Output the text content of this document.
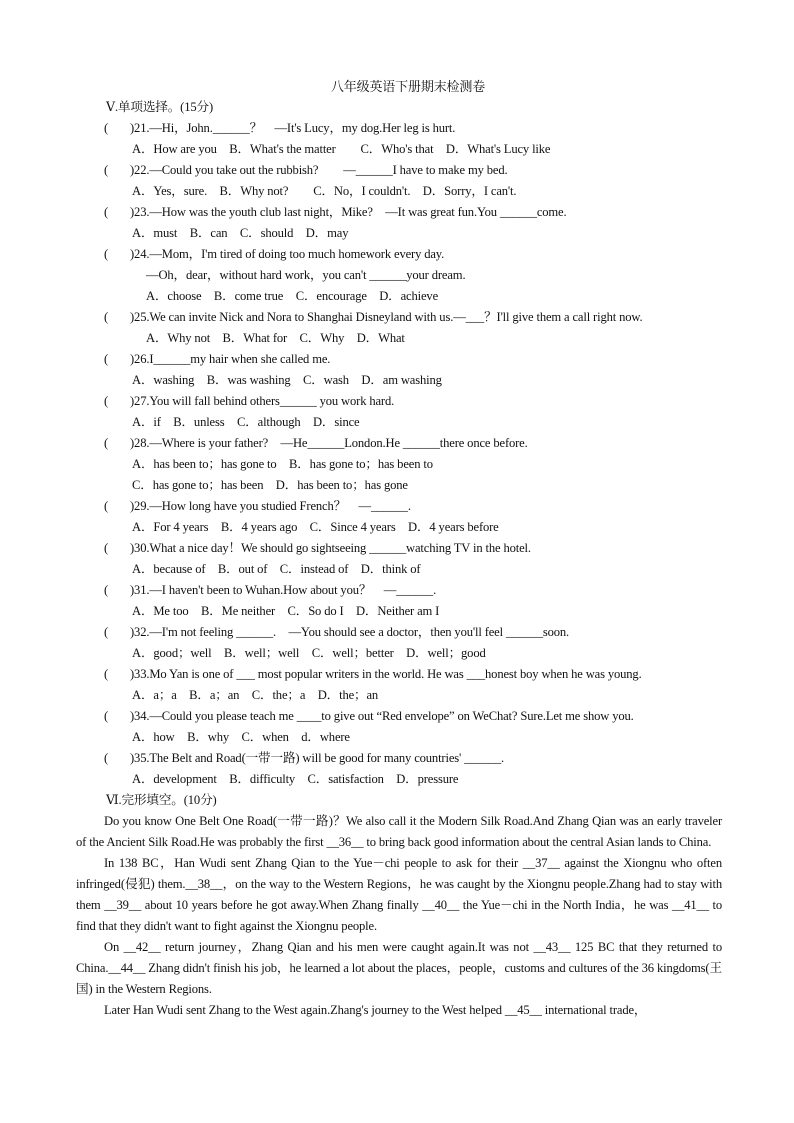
八年级英语下册期末检测卷
Ⅴ.单项选择。(15分)
( )21.—Hi，John.______？　—It's Lucy，my dog.Her leg is hurt.
A．How are you　B．What's the matter　　C．Who's that　D．What's Lucy like
( )22.—Could you take out the rubbish?　　—______I have to make my bed.
A．Yes，sure.　B．Why not?　　C．No，I couldn't.　D．Sorry，I can't.
( )23.—How was the youth club last night，Mike?　—It was great fun.You ______come.
A．must　B．can　C．should　D．may
( )24.—Mom，I'm tired of doing too much homework every day.
—Oh，dear，without hard work，you can't ______your dream.
A．choose　B．come true　C．encourage　D．achieve
( )25.We can invite Nick and Nora to Shanghai Disneyland with us.—___？I'll give them a call right now.
A．Why not　B．What for　C．Why　D．What
( )26.I______my hair when she called me.
A．washing　B．was washing　C．wash　D．am washing
( )27.You will fall behind others______ you work hard.
A．if　B．unless　C．although　D．since
( )28.—Where is your father?　—He______London.He ______there once before.
A．has been to；has gone to　B．has gone to；has been to
C．has gone to；has been　D．has been to；has gone
( )29.—How long have you studied French？　—______.
A．For 4 years　B．4 years ago　C．Since 4 years　D．4 years before
( )30.What a nice day！We should go sightseeing ______watching TV in the hotel.
A．because of　B．out of　C．instead of　D．think of
( )31.—I haven't been to Wuhan.How about you？　—______.
A．Me too　B．Me neither　C．So do I　D．Neither am I
( )32.—I'm not feeling ______.　—You should see a doctor，then you'll feel ______soon.
A．good；well　B．well；well　C．well；better　D．well；good
( )33.Mo Yan is one of ___ most popular writers in the world. He was ___honest boy when he was young.
A．a；a　B．a；an　C．the；a　D．the；an
( )34.—Could you please teach me ____to give out “Red envelope” on WeChat? Sure.Let me show you.
A．how　B．why　C．when　d．where
( )35.The Belt and Road(一带一路) will be good for many countries' ______.
A．development　B．difficulty　C．satisfaction　D．pressure
Ⅵ.完形填空。(10分)

Do you know One Belt One Road(一带一路)？We also call it the Modern Silk Road.And Zhang Qian was an early traveler of the Ancient Silk Road.He was probably the first __36__ to bring back good information about the central Asian lands to China.

In 138 BC，Han Wudi sent Zhang Qian to the Yue－chi people to ask for their __37__ against the Xiongnu who often infringed(侵犯) them.__38__，on the way to the Western Regions，he was caught by the Xiongnu people.Zhang had to stay with them __39__ about 10 years before he got away.When Zhang finally __40__ the Yue－chi in the North India，he was __41__ to find that they didn't want to fight against the Xiongnu people.

On __42__ return journey，Zhang Qian and his men were caught again.It was not __43__ 125 BC that they returned to China.__44__ Zhang didn't finish his job，he learned a lot about the places，people，customs and cultures of the 36 kingdoms(王国) in the Western Regions.

Later Han Wudi sent Zhang to the West again.Zhang's journey to the West helped __45__ international trade，
